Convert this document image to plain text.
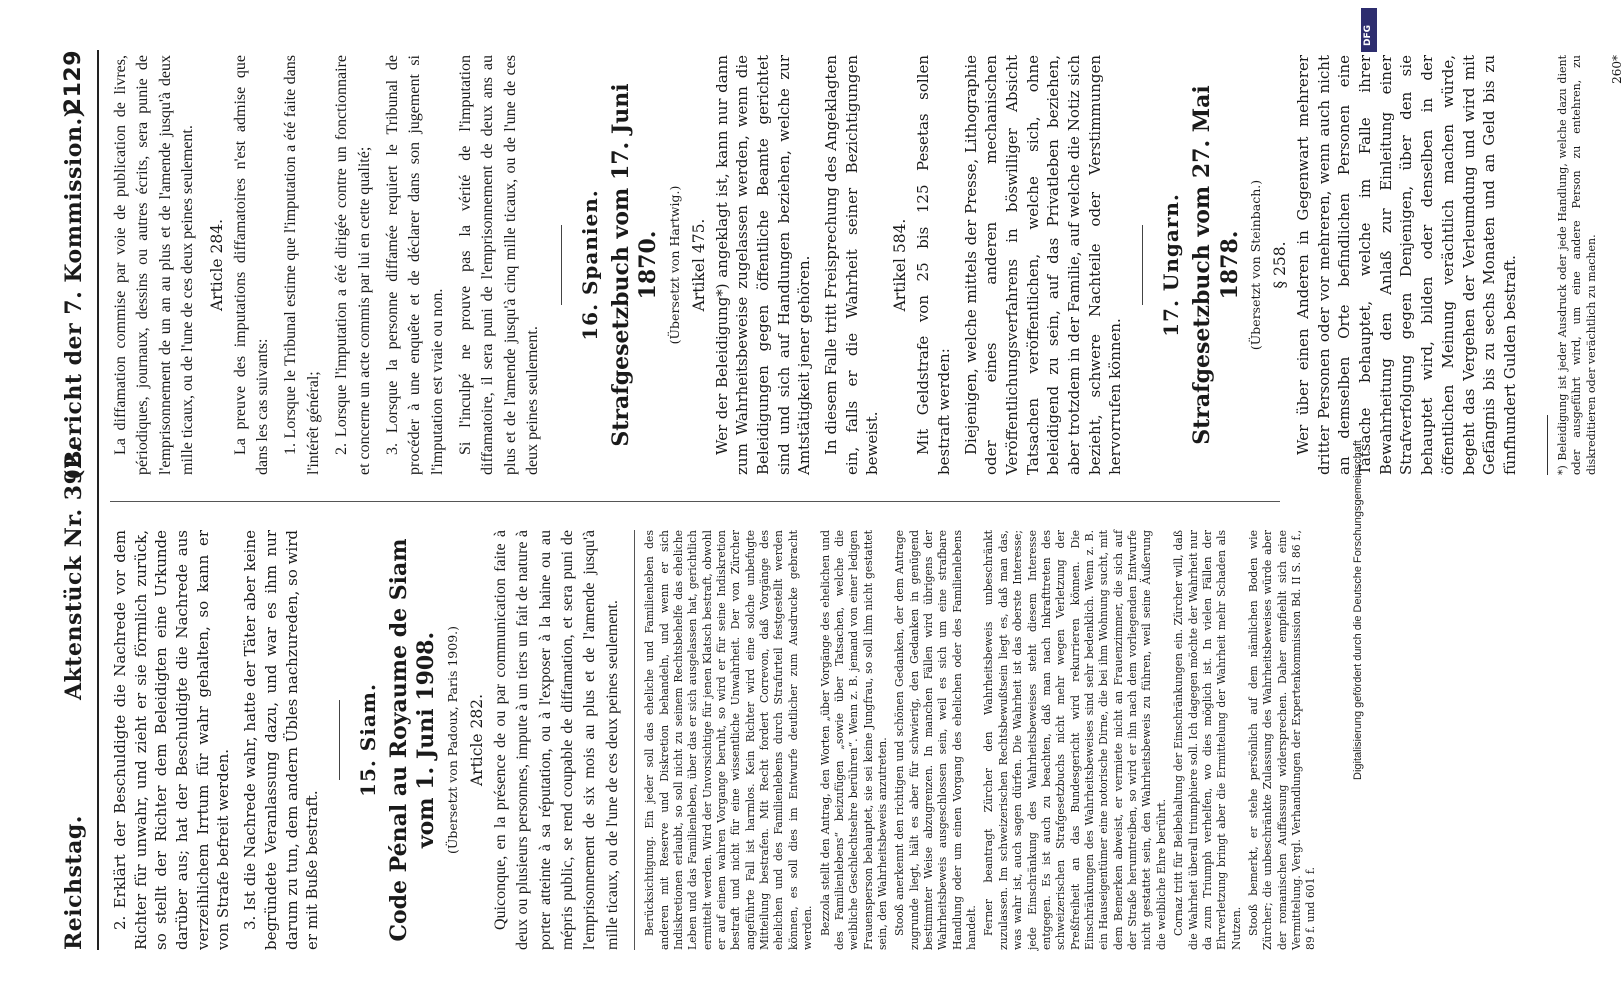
Reichstag.
Aktenstück Nr. 392.
(Bericht der 7. Kommission.)
2129

2. Erklärt der Beschuldigte die Nachrede vor dem Richter für unwahr, und zieht er sie förmlich zurück, so stellt der Richter dem Beleidigten eine Urkunde darüber aus; hat der Beschuldigte die Nachrede aus verzeihlichem Irrtum für wahr gehalten, so kann er von Strafe befreit werden. 3. Ist die Nachrede wahr, hatte der Täter aber keine begründete Veranlassung dazu, und war es ihm nur darum zu tun, dem andern Übles nachzureden, so wird er mit Buße bestraft.

15. Siam. Code Pénal au Royaume de Siam vom 1. Juni 1908. (Übersetzt von Padoux, Paris 1909.) Article 282. Quiconque, en la présence de ou par communication faite à deux ou plusieurs personnes, impute à un tiers un fait de nature à porter atteinte à sa réputation, ou à l'exposer à la haine ou au mépris public, se rend coupable de diffamation, et sera puni de l'emprisonnement de six mois au plus et de l'amende jusqu'à mille ticaux, ou de l'une de ces deux peines seulement.	Berücksichtigung. Ein jeder soll das eheliche und Familienleben des anderen mit Reserve und Diskretion behandeln, und wenn er sich Indiskretionen erlaubt, so soll nicht zu seinem Rechtsbehelfe das eheliche Leben und das Familienleben, über das er sich ausgelassen hat, gerichtlich ermittelt werden. Wird der Unvorsichtige für jenen Klatsch bestraft, obwohl er auf einem wahren Vorgange beruht, so wird er für seine Indiskretion bestraft und nicht für eine wissentliche Unwahrheit. Der von Zürcher angeführte Fall ist harmlos. Kein Richter wird eine solche unbefugte Mitteilung bestrafen. Mit Recht fordert Correvon, daß Vorgänge des ehelichen und des Familienlebens durch Strafurteil festgestellt werden können, es soll dies im Entwurfe deutlicher zum Ausdrucke gebracht werden. Bezzola stellt den Antrag, den Worten „über Vorgänge des ehelichen und des Familienlebens“ beizufügen „sowie über Tatsachen, welche die weibliche Geschlechtsehre berühren“. Wenn z. B. jemand von einer ledigen Frauensperson behauptet, sie sei keine Jungfrau, so soll ihm nicht gestattet sein, den Wahrheitsbeweis anzutreten. Stooß anerkennt den richtigen und schönen Gedanken, der dem Antrage zugrunde liegt, hält es aber für schwierig, den Gedanken in genügend bestimmter Weise abzugrenzen. In manchen Fällen wird übrigens der Wahrheitsbeweis ausgeschlossen sein, weil es sich um eine strafbare Handlung oder um einen Vorgang des ehelichen oder des Familienlebens handelt. Ferner beantragt Zürcher den Wahrheitsbeweis unbeschränkt zuzulassen. Im schweizerischen Rechtsbewußtsein liegt es, daß man das, was wahr ist, auch sagen dürfen. Die Wahrheit ist das oberste Interesse; jede Einschränkung des Wahrheitsbeweises steht diesem Interesse entgegen. Es ist auch zu beachten, daß man nach Inkrafttreten des schweizerischen Strafgesetzbuchs nicht mehr wegen Verletzung der Preßfreiheit an das Bundesgericht wird rekurrieren können. Die Einschränkungen des Wahrheitsbeweises sind sehr bedenklich. Wenn z. B. ein Hauseigentümer eine notorische Dirne, die bei ihm Wohnung sucht, mit dem Bemerken abweist, er vermiete nicht an Frauenzimmer, die sich auf der Straße herumtreiben, so wird er ihn nach dem vorliegenden Entwurfe nicht gestattet sein, den Wahrheitsbeweis zu führen, weil seine Äußerung die weibliche Ehre berührt. Cornaz tritt für Beibehaltung der Einschränkungen ein. Zürcher will, daß die Wahrheit überall triumphiere soll. Ich dagegen möchte der Wahrheit nur da zum Triumph verhelfen, wo dies möglich ist. In vielen Fällen der Ehrverletzung bringt aber die Ermittelung der Wahrheit mehr Schaden als Nutzen. Stooß bemerkt, er stehe persönlich auf dem nämlichen Boden wie Zürcher; die unbeschränkte Zulassung des Wahrheitsbeweises würde aber der romanischen Auffassung widersprechen. Daher empfiehlt sich eine Vermittelung. Vergl. Verhandlungen der Expertenkommission Bd. II S. 86 f., 89 f. und 601 f.

La diffamation commise par voie de publication de livres, périodiques, journaux, dessins ou autres écrits, sera punie de l'emprisonnement de un an au plus et de l'amende jusqu'à deux mille ticaux, ou de l'une de ces deux peines seulement. Article 284. La preuve des imputations diffamatoires n'est admise que dans les cas suivants: 1. Lorsque le Tribunal estime que l'imputation a été faite dans l'intérêt général; 2. Lorsque l'imputation a été dirigée contre un fonctionnaire et concerne un acte commis par lui en cette qualité; 3. Lorsque la personne diffamée requiert le Tribunal de procéder à une enquête et de déclarer dans son jugement si l'imputation est vraie ou non. Si l'inculpé ne prouve pas la vérité de l'imputation diffamatoire, il sera puni de l'emprisonnement de deux ans au plus et de l'amende jusqu'à cinq mille ticaux, ou de l'une de ces deux peines seulement.

16. Spanien. Strafgesetzbuch vom 17. Juni 1870. (Übersetzt von Hartwig.) Artikel 475. Wer der Beleidigung*) angeklagt ist, kann nur dann zum Wahrheitsbeweise zugelassen werden, wenn die Beleidigungen gegen öffentliche Beamte gerichtet sind und sich auf Handlungen beziehen, welche zur Amtstätigkeit jener gehören. In diesem Falle tritt Freisprechung des Angeklagten ein, falls er die Wahrheit seiner Bezichtigungen beweist.

Artikel 584. Mit Geldstrafe von 25 bis 125 Pesetas sollen bestraft werden: Diejenigen, welche mittels der Presse, Lithographie oder eines anderen mechanischen Veröffentlichungsverfahrens in böswilliger Absicht Tatsachen veröffentlichen, welche sich, ohne beleidigend zu sein, auf das Privatleben beziehen, aber trotzdem in der Familie, auf welche die Notiz sich bezieht, schwere Nachteile oder Verstimmungen hervorrufen können.

17. Ungarn. Strafgesetzbuch vom 27. Mai 1878. (Übersetzt von Steinbach.) § 258. Wer über einen Anderen in Gegenwart mehrerer dritter Personen oder vor mehreren, wenn auch nicht an demselben Orte befindlichen Personen eine Tatsache behauptet, welche im Falle ihrer Bewahrheitung den Anlaß zur Einleitung einer Strafverfolgung gegen Denjenigen, über den sie behauptet wird, bilden oder denselben in der öffentlichen Meinung verächtlich machen würde, begeht das Vergehen der Verleumdung und wird mit Gefängnis bis zu sechs Monaten und an Geld bis zu fünfhundert Gulden bestraft.	*) Beleidigung ist jeder Ausdruck oder jede Handlung, welche dazu dient oder ausgeführt wird, um eine andere Person zu entehren, zu diskreditieren oder verächtlich zu machen.
260*
Digitalisierung gefördert durch die Deutsche Forschungsgemeinschaft
DFG
